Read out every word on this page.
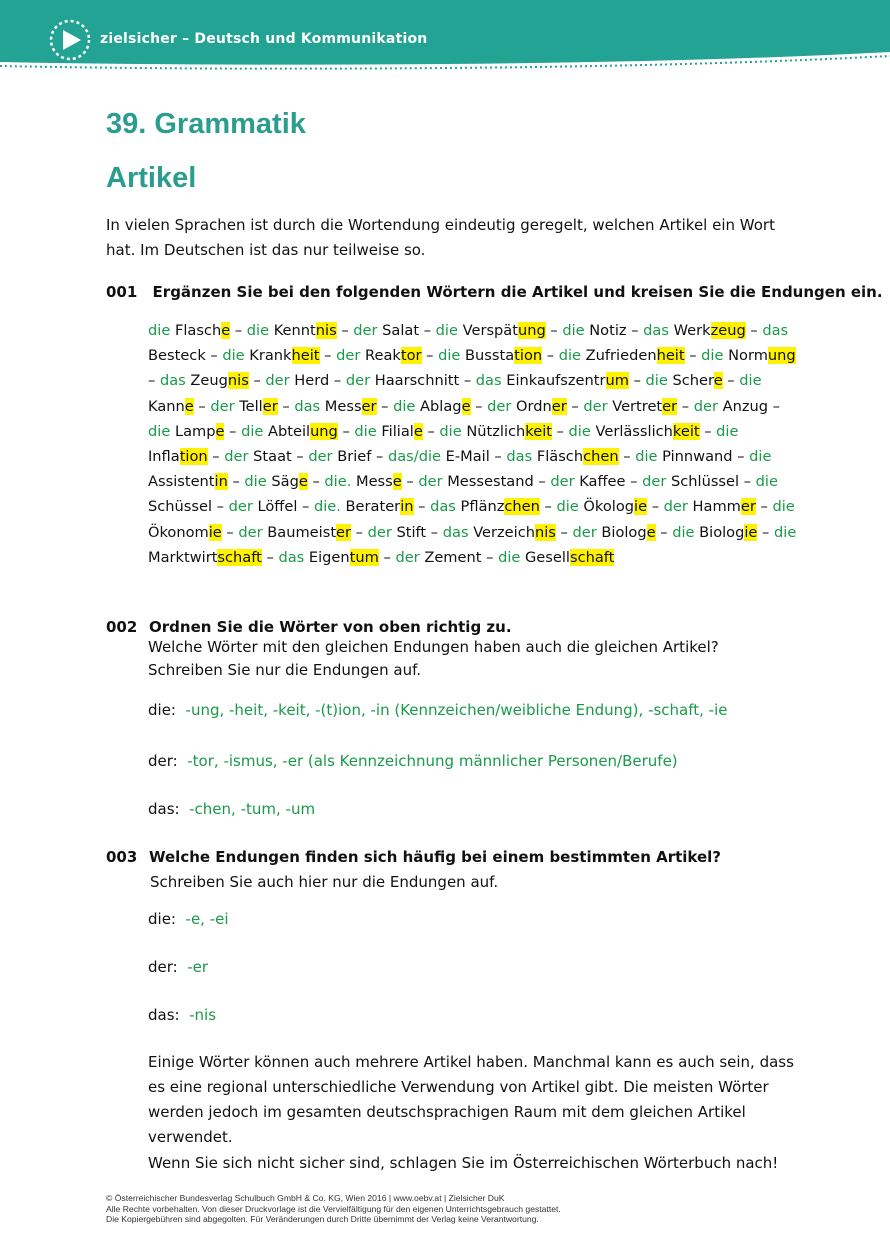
zielsicher – Deutsch und Kommunikation
39. Grammatik
Artikel
In vielen Sprachen ist durch die Wortendung eindeutig geregelt, welchen Artikel ein Wort hat. Im Deutschen ist das nur teilweise so.
001 Ergänzen Sie bei den folgenden Wörtern die Artikel und kreisen Sie die Endungen ein.
die Flasche – die Kenntnis – der Salat – die Verspätung – die Notiz – das Werkzeug – das Besteck – die Krankheit – der Reaktor – die Busstation – die Zufriedenheit – die Normung – das Zeugnis – der Herd – der Haarschnitt – das Einkaufszentrum – die Schere – die Kanne – der Teller – das Messer – die Ablage – der Ordner – der Vertreter – der Anzug – die Lampe – die Abteilung – die Filiale – die Nützlichkeit – die Verlässlichkeit – die Inflation – der Staat – der Brief – das/die E-Mail – das Fläschchen – die Pinnwand – die Assistentin – die Säge – die. Messe – der Messestand – der Kaffee – der Schlüssel – die Schüssel – der Löffel – die. Beraterin – das Pflänzchen – die Ökologie – der Hammer – die Ökonomie – der Baumeister – der Stift – das Verzeichnis – der Biologe – die Biologie – die Marktwirtschaft – das Eigentum – der Zement – die Gesellschaft
002 Ordnen Sie die Wörter von oben richtig zu.
Welche Wörter mit den gleichen Endungen haben auch die gleichen Artikel? Schreiben Sie nur die Endungen auf.
die: -ung, -heit, -keit, -(t)ion, -in (Kennzeichen/weibliche Endung), -schaft, -ie
der: -tor, -ismus, -er (als Kennzeichnung männlicher Personen/Berufe)
das: -chen, -tum, -um
003 Welche Endungen finden sich häufig bei einem bestimmten Artikel?
Schreiben Sie auch hier nur die Endungen auf.
die: -e, -ei
der: -er
das: -nis
Einige Wörter können auch mehrere Artikel haben. Manchmal kann es auch sein, dass es eine regional unterschiedliche Verwendung von Artikel gibt. Die meisten Wörter werden jedoch im gesamten deutschsprachigen Raum mit dem gleichen Artikel verwendet.
Wenn Sie sich nicht sicher sind, schlagen Sie im Österreichischen Wörterbuch nach!
© Österreichischer Bundesverlag Schulbuch GmbH & Co. KG, Wien 2016 | www.oebv.at | Zielsicher DuK
Alle Rechte vorbehalten. Von dieser Druckvorlage ist die Vervielfältigung für den eigenen Unterrichtsgebrauch gestattet.
Die Kopiergebühren sind abgegolten. Für Veränderungen durch Dritte übernimmt der Verlag keine Verantwortung.
